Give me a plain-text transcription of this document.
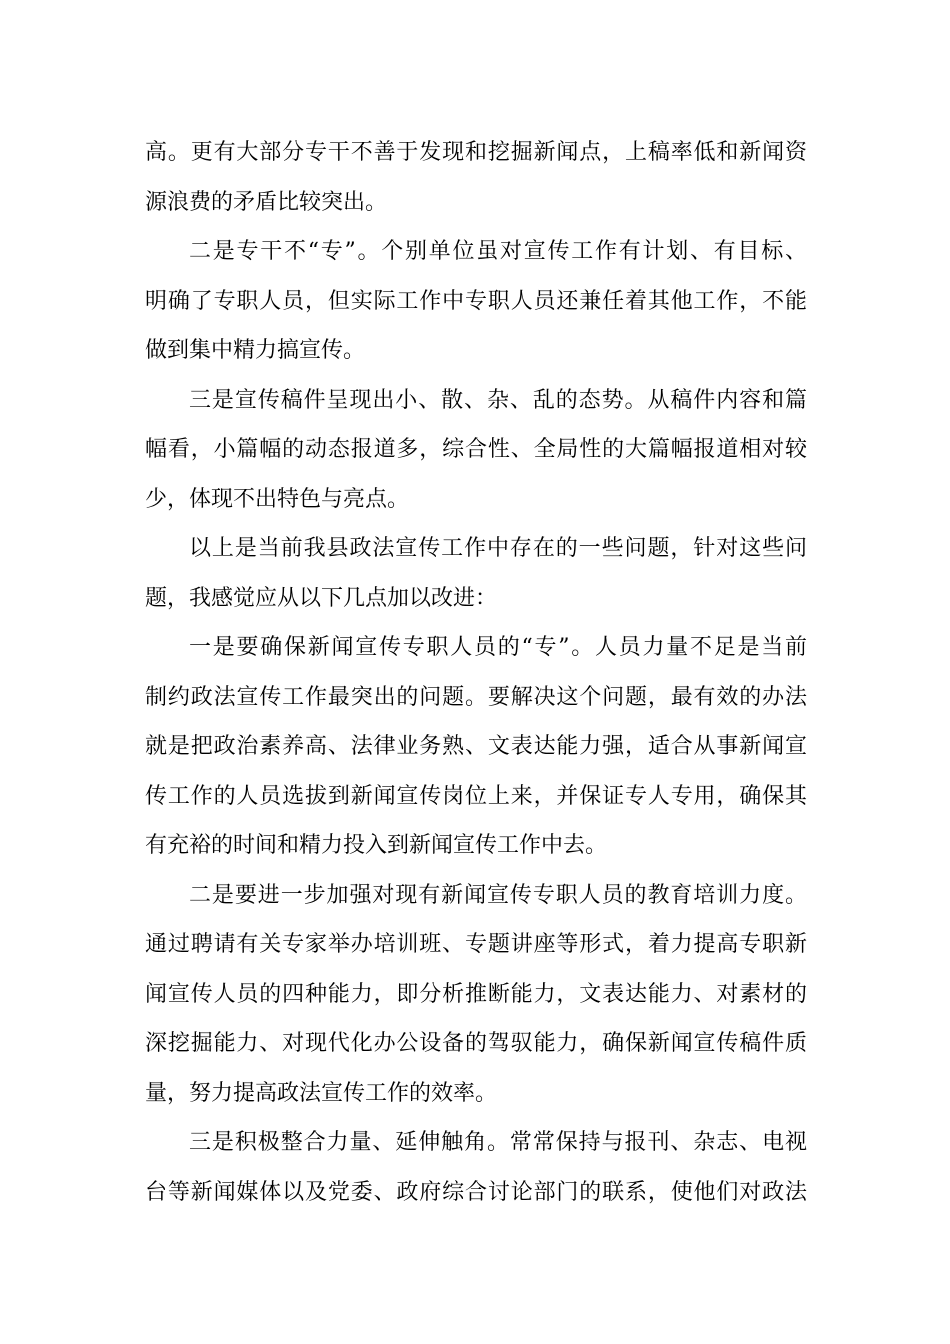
高。更有大部分专干不善于发现和挖掘新闻点，上稿率低和新闻资
源浪费的矛盾比较突出。
二是专干不“专”。个别单位虽对宣传工作有计划、有目标、
明确了专职人员，但实际工作中专职人员还兼任着其他工作，不能
做到集中精力搞宣传。
三是宣传稿件呈现出小、散、杂、乱的态势。从稿件内容和篇
幅看，小篇幅的动态报道多，综合性、全局性的大篇幅报道相对较
少，体现不出特色与亮点。
以上是当前我县政法宣传工作中存在的一些问题，针对这些问
题，我感觉应从以下几点加以改进：
一是要确保新闻宣传专职人员的“专”。人员力量不足是当前
制约政法宣传工作最突出的问题。要解决这个问题，最有效的办法
就是把政治素养高、法律业务熟、文表达能力强，适合从事新闻宣
传工作的人员选拔到新闻宣传岗位上来，并保证专人专用，确保其
有充裕的时间和精力投入到新闻宣传工作中去。
二是要进一步加强对现有新闻宣传专职人员的教育培训力度。
通过聘请有关专家举办培训班、专题讲座等形式，着力提高专职新
闻宣传人员的四种能力，即分析推断能力，文表达能力、对素材的
深挖掘能力、对现代化办公设备的驾驭能力，确保新闻宣传稿件质
量，努力提高政法宣传工作的效率。
三是积极整合力量、延伸触角。常常保持与报刊、杂志、电视
台等新闻媒体以及党委、政府综合讨论部门的联系，使他们对政法
